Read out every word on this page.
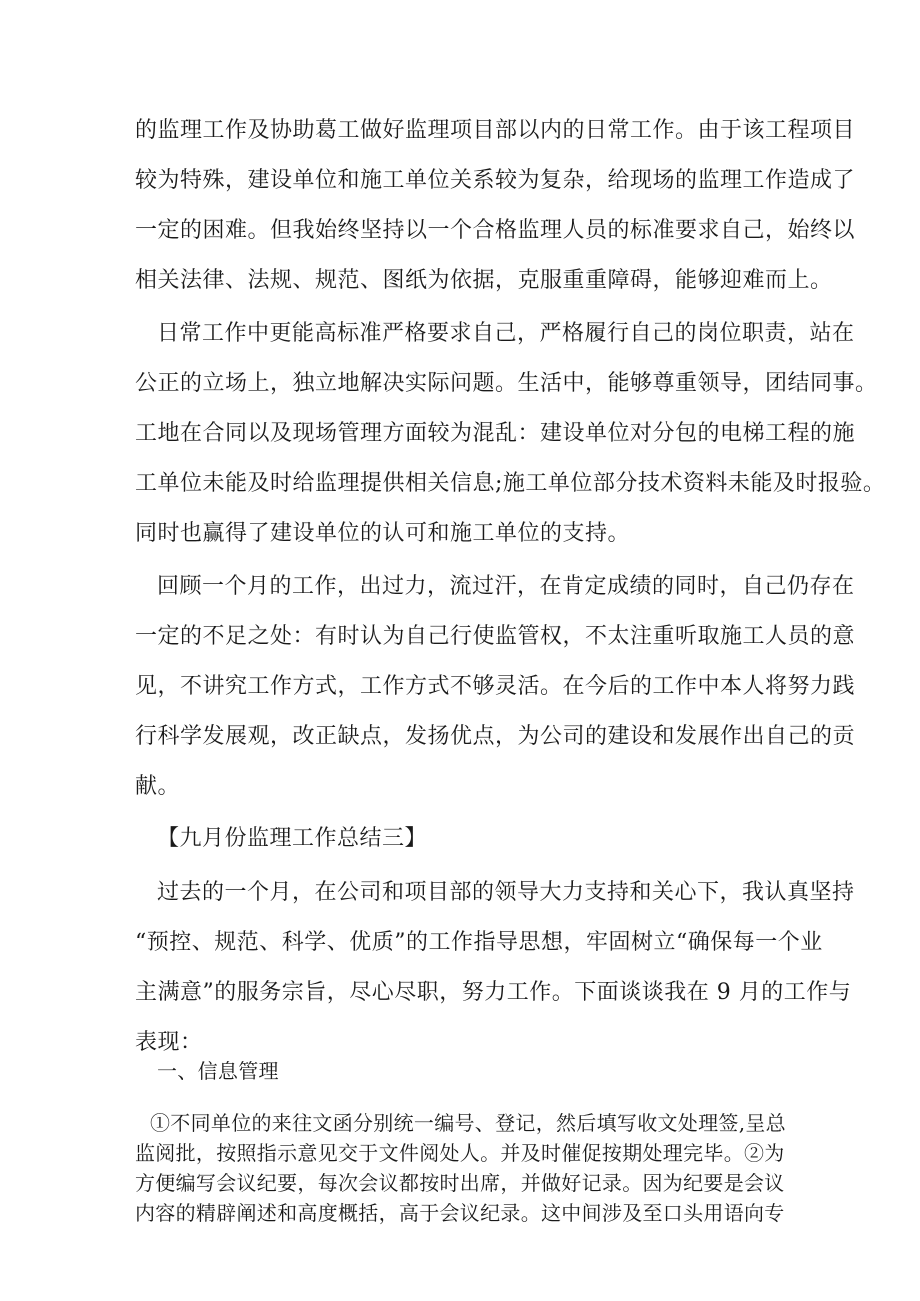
的监理工作及协助葛工做好监理项目部以内的日常工作。由于该工程项目
较为特殊，建设单位和施工单位关系较为复杂，给现场的监理工作造成了
一定的困难。但我始终坚持以一个合格监理人员的标准要求自己，始终以
相关法律、法规、规范、图纸为依据，克服重重障碍，能够迎难而上。
日常工作中更能高标准严格要求自己，严格履行自己的岗位职责，站在
公正的立场上，独立地解决实际问题。生活中，能够尊重领导，团结同事。
工地在合同以及现场管理方面较为混乱：建设单位对分包的电梯工程的施
工单位未能及时给监理提供相关信息;施工单位部分技术资料未能及时报验。
同时也赢得了建设单位的认可和施工单位的支持。
回顾一个月的工作，出过力，流过汗，在肯定成绩的同时，自己仍存在
一定的不足之处：有时认为自己行使监管权，不太注重听取施工人员的意
见，不讲究工作方式，工作方式不够灵活。在今后的工作中本人将努力践
行科学发展观，改正缺点，发扬优点，为公司的建设和发展作出自己的贡
献。
【九月份监理工作总结三】
过去的一个月，在公司和项目部的领导大力支持和关心下，我认真坚持
“预控、规范、科学、优质”的工作指导思想，牢固树立“确保每一个业
主满意”的服务宗旨，尽心尽职，努力工作。下面谈谈我在 9 月的工作与
表现：
一、信息管理
①不同单位的来往文函分别统一编号、登记，然后填写收文处理签,呈总
监阅批，按照指示意见交于文件阅处人。并及时催促按期处理完毕。②为
方便编写会议纪要，每次会议都按时出席，并做好记录。因为纪要是会议
内容的精辟阐述和高度概括，高于会议纪录。这中间涉及至口头用语向专
